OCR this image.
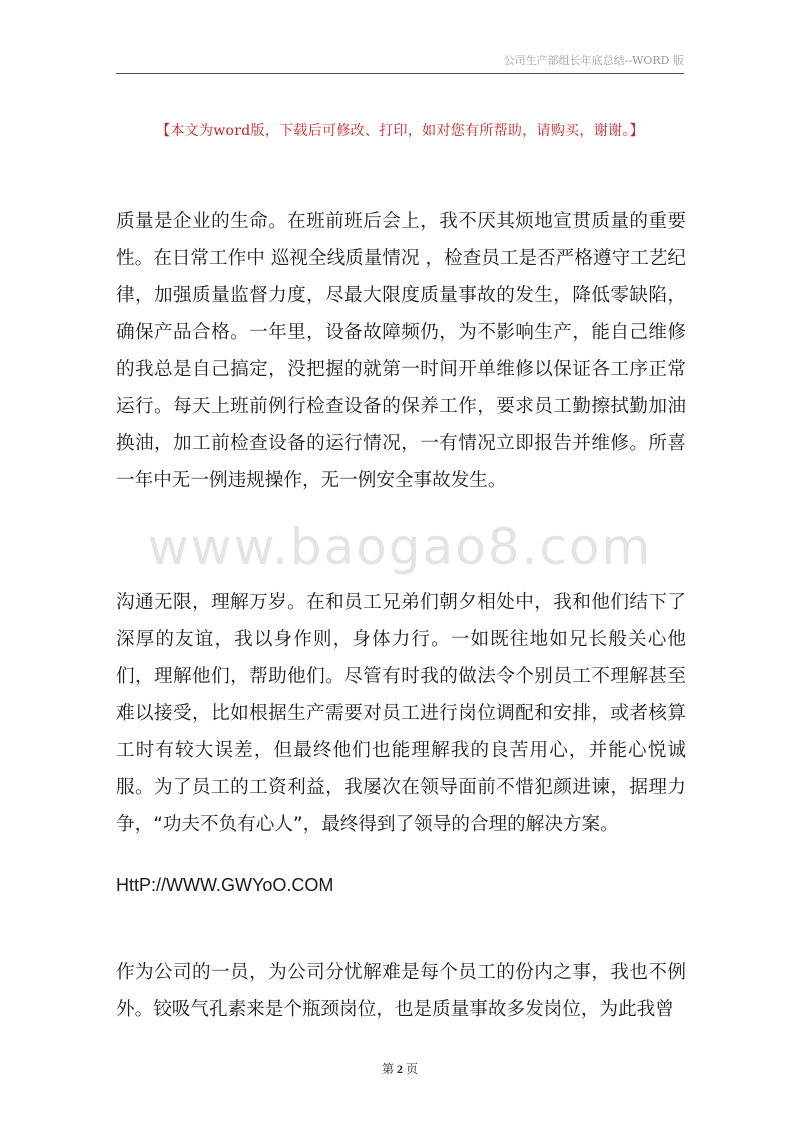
公司生产部组长年底总结--WORD 版
【本文为word版，下载后可修改、打印，如对您有所帮助，请购买，谢谢。】

质量是企业的生命。在班前班后会上，我不厌其烦地宣贯质量的重要性。在日常工作中 巡视全线质量情况 ，检查员工是否严格遵守工艺纪律，加强质量监督力度，尽最大限度质量事故的发生，降低零缺陷，确保产品合格。一年里，设备故障频仍，为不影响生产，能自己维修的我总是自己搞定，没把握的就第一时间开单维修以保证各工序正常运行。每天上班前例行检查设备的保养工作，要求员工勤擦拭勤加油换油，加工前检查设备的运行情况，一有情况立即报告并维修。所喜一年中无一例违规操作，无一例安全事故发生。

www.baogao8.com

沟通无限，理解万岁。在和员工兄弟们朝夕相处中，我和他们结下了深厚的友谊，我以身作则，身体力行。一如既往地如兄长般关心他们，理解他们，帮助他们。尽管有时我的做法令个别员工不理解甚至难以接受，比如根据生产需要对员工进行岗位调配和安排，或者核算工时有较大误差，但最终他们也能理解我的良苦用心，并能心悦诚服。为了员工的工资利益，我屡次在领导面前不惜犯颜进谏，据理力争，“功夫不负有心人”，最终得到了领导的合理的解决方案。

HttP://WWW.GWYoO.COM

作为公司的一员，为公司分忧解难是每个员工的份内之事，我也不例外。铰吸气孔素来是个瓶颈岗位，也是质量事故多发岗位，为此我曾

第 2 页
